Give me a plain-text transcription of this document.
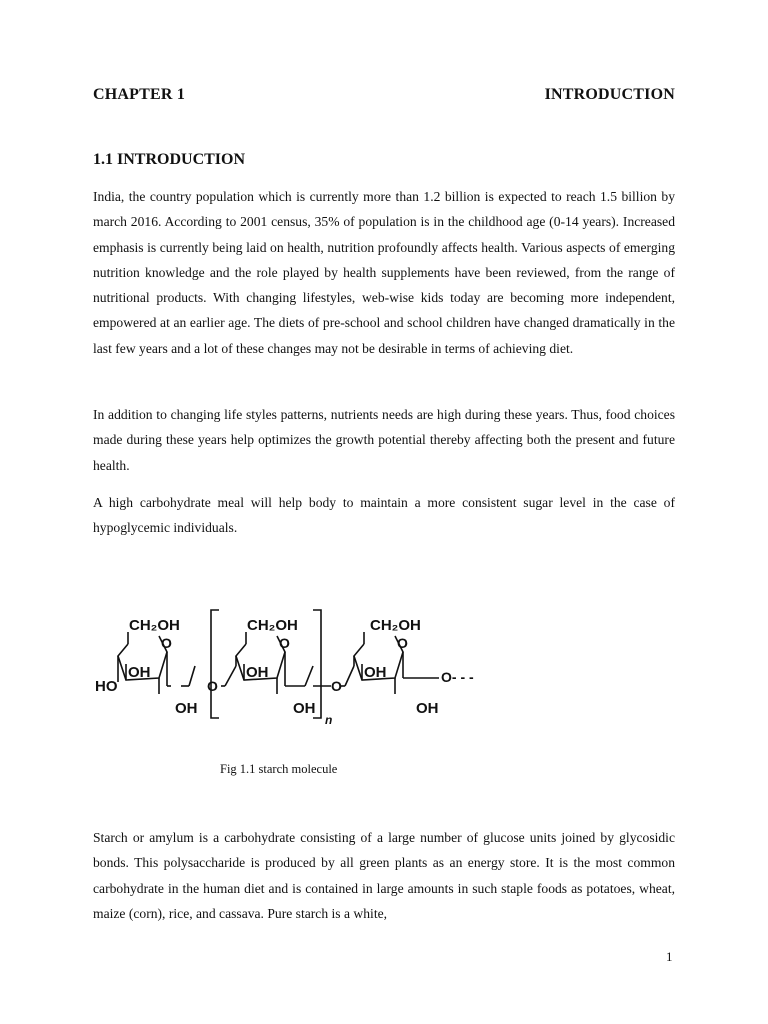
CHAPTER 1	INTRODUCTION
1.1 INTRODUCTION

India, the country population which is currently more than 1.2 billion is expected to reach 1.5 billion by march 2016. According to 2001 census, 35% of population is in the childhood age (0-14 years). Increased emphasis is currently being laid on health, nutrition profoundly affects health. Various aspects of emerging nutrition knowledge and the role played by health supplements have been reviewed, from the range of nutritional products. With changing lifestyles, web-wise kids today are becoming more independent, empowered at an earlier age. The diets of pre-school and school children have changed dramatically in the last few years and a lot of these changes may not be desirable in terms of achieving diet.

In addition to changing life styles patterns, nutrients needs are high during these years. Thus, food choices made during these years help optimizes the growth potential thereby affecting both the present and future health.

A high carbohydrate meal will help body to maintain a more consistent sugar level in the case of hypoglycemic individuals.

CH₂OH	CH₂OH	CH₂OH
O	O	O
OH	OH	OH
HO
OH	OH	OH
O	O
O- - -
n
Fig 1.1 starch molecule

Starch or amylum is a carbohydrate consisting of a large number of glucose units joined by glycosidic bonds. This polysaccharide is produced by all green plants as an energy store. It is the most common carbohydrate in the human diet and is contained in large amounts in such staple foods as potatoes, wheat, maize (corn), rice, and cassava. Pure starch is a white,

1
